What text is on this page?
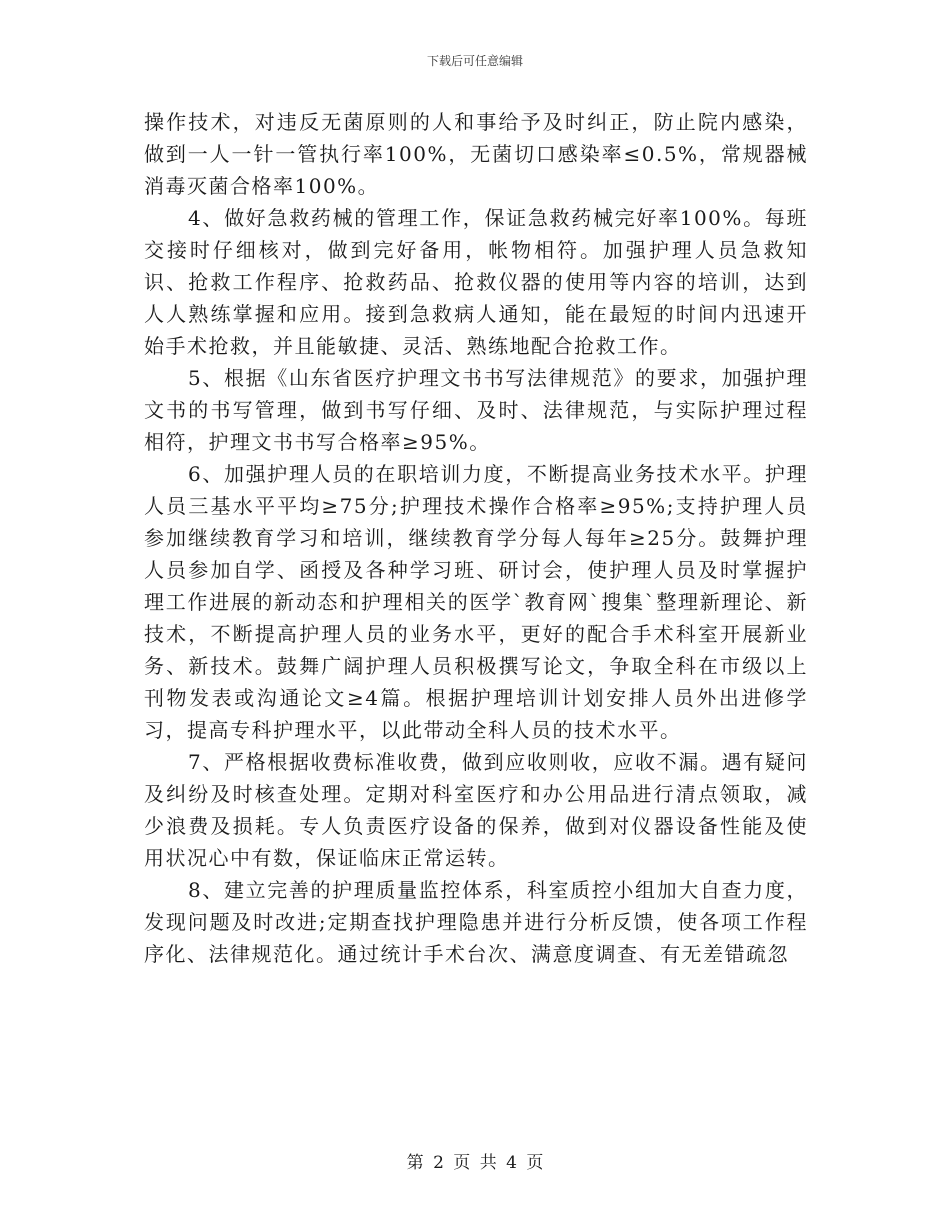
下载后可任意编辑

操作技术，对违反无菌原则的人和事给予及时纠正，防止院内感染，做到一人一针一管执行率100%，无菌切口感染率≤0.5%，常规器械消毒灭菌合格率100%。

4、做好急救药械的管理工作，保证急救药械完好率100%。每班交接时仔细核对，做到完好备用，帐物相符。加强护理人员急救知识、抢救工作程序、抢救药品、抢救仪器的使用等内容的培训，达到人人熟练掌握和应用。接到急救病人通知，能在最短的时间内迅速开始手术抢救，并且能敏捷、灵活、熟练地配合抢救工作。

5、根据《山东省医疗护理文书书写法律规范》的要求，加强护理文书的书写管理，做到书写仔细、及时、法律规范，与实际护理过程相符，护理文书书写合格率≥95%。

6、加强护理人员的在职培训力度，不断提高业务技术水平。护理人员三基水平平均≥75分;护理技术操作合格率≥95%;支持护理人员参加继续教育学习和培训，继续教育学分每人每年≥25分。鼓舞护理人员参加自学、函授及各种学习班、研讨会，使护理人员及时掌握护理工作进展的新动态和护理相关的医学`教育网`搜集`整理新理论、新技术，不断提高护理人员的业务水平，更好的配合手术科室开展新业务、新技术。鼓舞广阔护理人员积极撰写论文，争取全科在市级以上刊物发表或沟通论文≥4篇。根据护理培训计划安排人员外出进修学习，提高专科护理水平，以此带动全科人员的技术水平。

7、严格根据收费标准收费，做到应收则收，应收不漏。遇有疑问及纠纷及时核查处理。定期对科室医疗和办公用品进行清点领取，减少浪费及损耗。专人负责医疗设备的保养，做到对仪器设备性能及使用状况心中有数，保证临床正常运转。

8、建立完善的护理质量监控体系，科室质控小组加大自查力度，发现问题及时改进;定期查找护理隐患并进行分析反馈，使各项工作程序化、法律规范化。通过统计手术台次、满意度调查、有无差错疏忽

第 2 页 共 4 页
